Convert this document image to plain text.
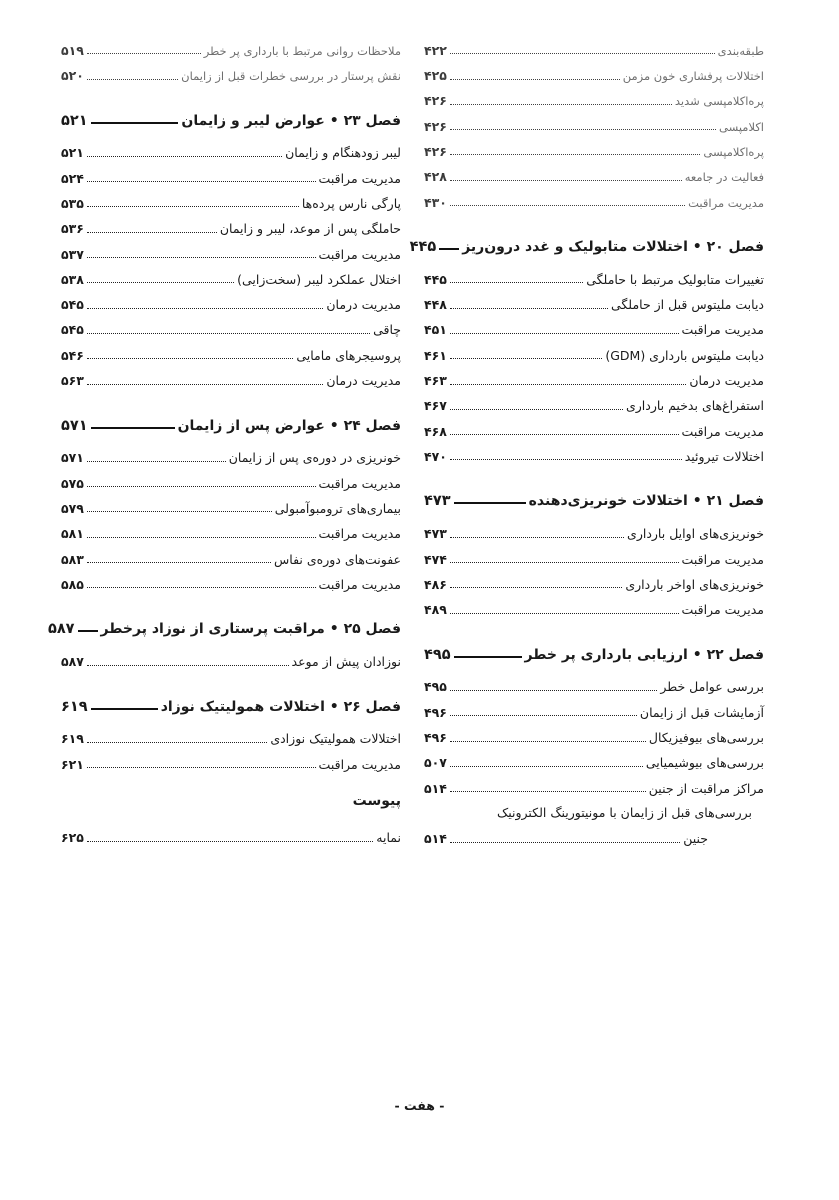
طبقه‌بندی
۴۲۲
اختلالات پرفشاری خون مزمن
۴۲۵
پره‌اکلامپسی شدید
۴۲۶
اکلامپسی
۴۲۶
پره‌اکلامپسی
۴۲۶
فعالیت در جامعه
۴۲۸
مدیریت مراقبت
۴۳۰
فصل ۲۰ • اختلالات متابولیک و غدد درون‌ریز
۴۴۵
تغییرات متابولیک مرتبط با حاملگی
۴۴۵
دیابت ملیتوس قبل از حاملگی
۴۴۸
مدیریت مراقبت
۴۵۱
دیابت ملیتوس بارداری (GDM)
۴۶۱
مدیریت درمان
۴۶۳
استفراغ‌های بدخیم بارداری
۴۶۷
مدیریت مراقبت
۴۶۸
اختلالات تیروئید
۴۷۰
فصل ۲۱ • اختلالات خونریزی‌دهنده
۴۷۳
خونریزی‌های اوایل بارداری
۴۷۳
مدیریت مراقبت
۴۷۴
خونریزی‌های اواخر بارداری
۴۸۶
مدیریت مراقبت
۴۸۹
فصل ۲۲ • ارزیابی بارداری پر خطر
۴۹۵
بررسی عوامل خطر
۴۹۵
آزمایشات قبل از زایمان
۴۹۶
بررسی‌های بیوفیزیکال
۴۹۶
بررسی‌های بیوشیمیایی
۵۰۷
مراکز مراقبت از جنین
۵۱۴
بررسی‌های قبل از زایمان با مونیتورینگ الکترونیک
جنین
۵۱۴
ملاحظات روانی مرتبط با بارداری پر خطر
۵۱۹
نقش پرستار در بررسی خطرات قبل از زایمان
۵۲۰
فصل ۲۳ • عوارض لیبر و زایمان
۵۲۱
لیبر زودهنگام و زایمان
۵۲۱
مدیریت مراقبت
۵۲۴
پارگی نارس پرده‌ها
۵۳۵
حاملگی پس از موعد، لیبر و زایمان
۵۳۶
مدیریت مراقبت
۵۳۷
اختلال عملکرد لیبر (سخت‌زایی)
۵۳۸
مدیریت درمان
۵۴۵
چاقی
۵۴۵
پروسیجرهای مامایی
۵۴۶
مدیریت درمان
۵۶۳
فصل ۲۴ • عوارض پس از زایمان
۵۷۱
خونریزی در دوره‌ی پس از زایمان
۵۷۱
مدیریت مراقبت
۵۷۵
بیماری‌های ترومبوآمبولی
۵۷۹
مدیریت مراقبت
۵۸۱
عفونت‌های دوره‌ی نفاس
۵۸۳
مدیریت مراقبت
۵۸۵
فصل ۲۵ • مراقبت پرستاری از نوزاد پرخطر
۵۸۷
نوزادان پیش از موعد
۵۸۷
فصل ۲۶ • اختلالات همولیتیک نوزاد
۶۱۹
اختلالات همولیتیک نوزادی
۶۱۹
مدیریت مراقبت
۶۲۱
پیوست
نمایه
۶۲۵
- هفت -
